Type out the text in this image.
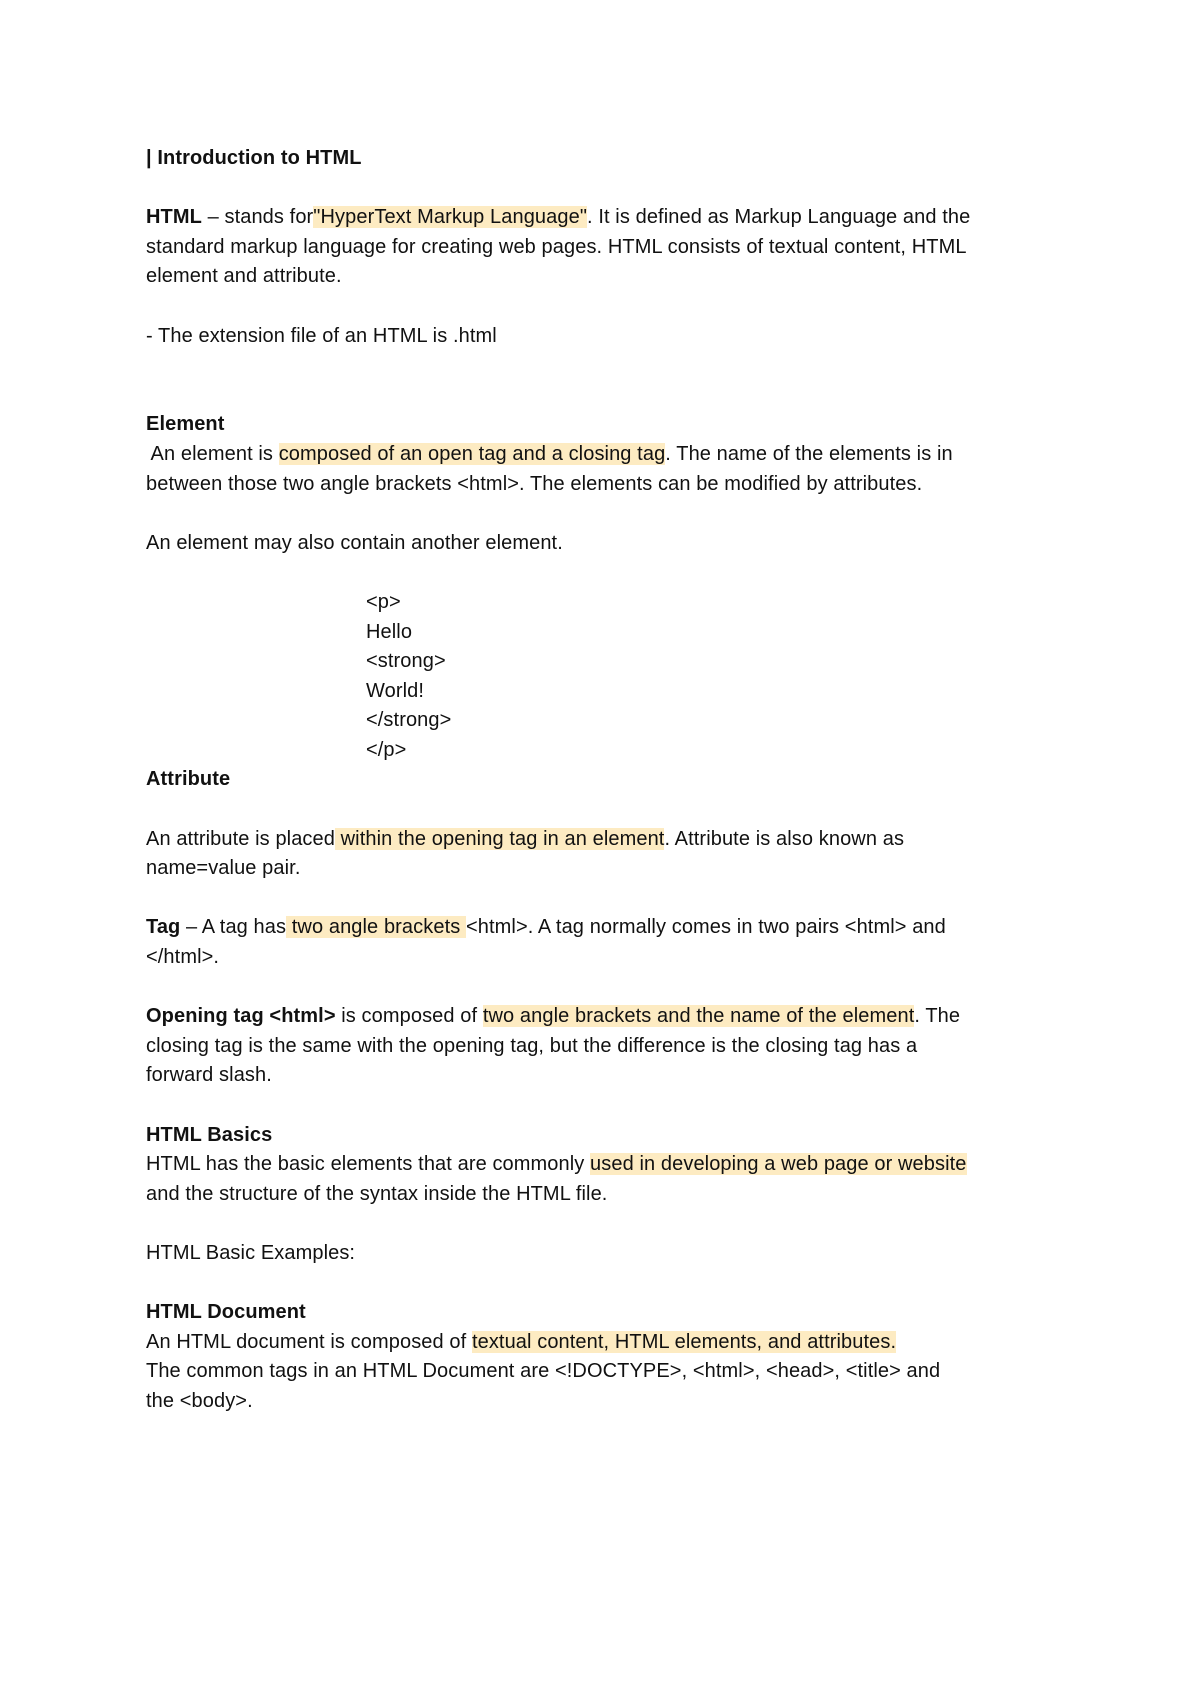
| Introduction to HTML
HTML – stands for"HyperText Markup Language". It is defined as Markup Language and the
standard markup language for creating web pages. HTML consists of textual content, HTML
element and attribute.
- The extension file of an HTML is .html
Element
An element is composed of an open tag and a closing tag. The name of the elements is in
between those two angle brackets <html>. The elements can be modified by attributes.
An element may also contain another element.
<p>
Hello
<strong>
World!
</strong>
</p>
Attribute
An attribute is placed within the opening tag in an element. Attribute is also known as
name=value pair.
Tag – A tag has two angle brackets <html>. A tag normally comes in two pairs <html> and
</html>.
Opening tag <html> is composed of two angle brackets and the name of the element. The
closing tag is the same with the opening tag, but the difference is the closing tag has a
forward slash.
HTML Basics
HTML has the basic elements that are commonly used in developing a web page or website
and the structure of the syntax inside the HTML file.
HTML Basic Examples:
HTML Document
An HTML document is composed of textual content, HTML elements, and attributes.
The common tags in an HTML Document are <!DOCTYPE>, <html>, <head>, <title> and
the <body>.
